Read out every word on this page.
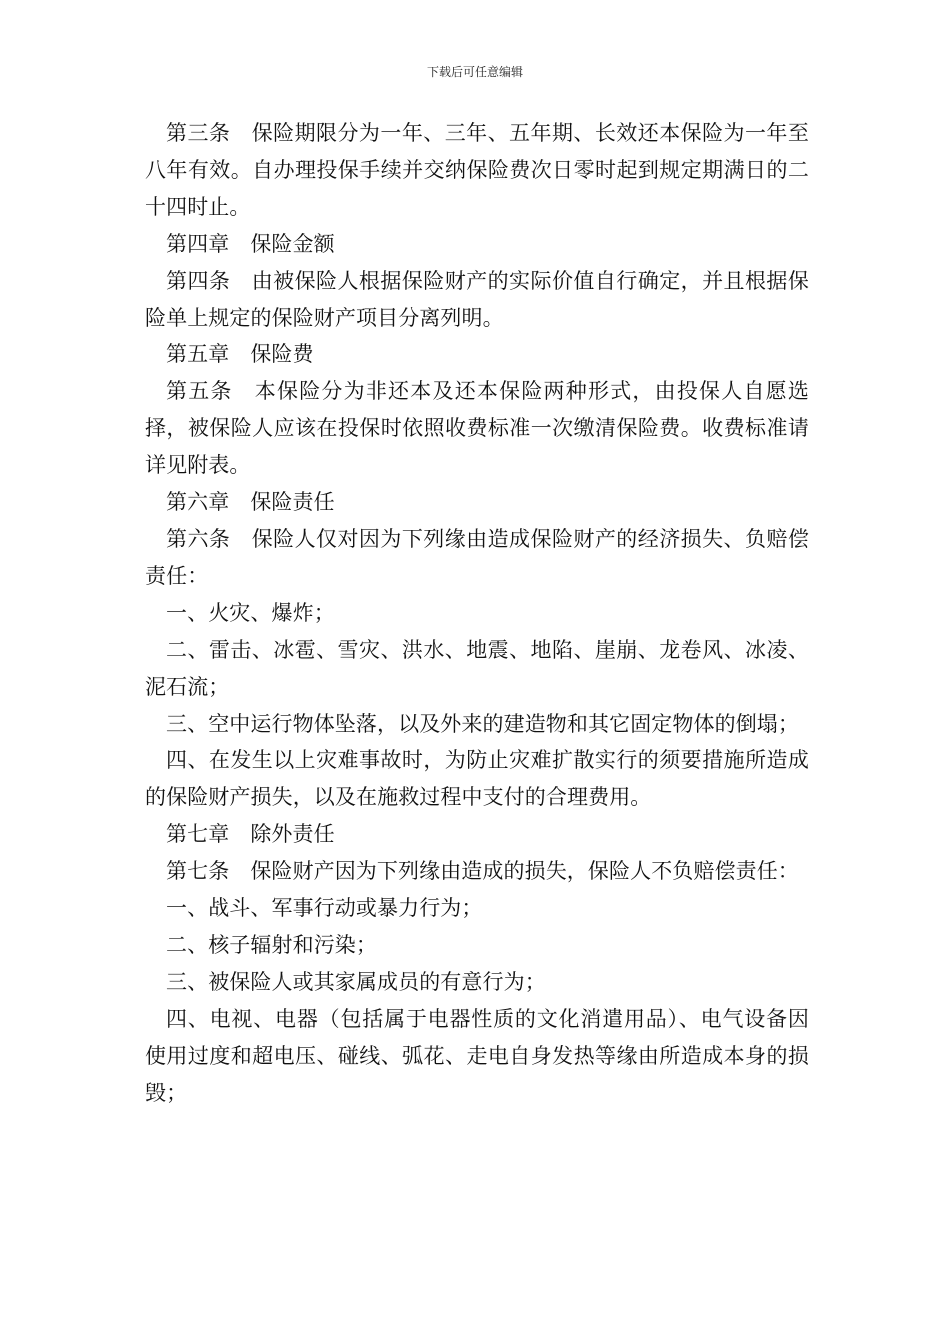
下载后可任意编辑

第三条 保险期限分为一年、三年、五年期、长效还本保险为一年至八年有效。自办理投保手续并交纳保险费次日零时起到规定期满日的二十四时止。

第四章 保险金额

第四条 由被保险人根据保险财产的实际价值自行确定，并且根据保险单上规定的保险财产项目分离列明。

第五章 保险费

第五条 本保险分为非还本及还本保险两种形式，由投保人自愿选择，被保险人应该在投保时依照收费标准一次缴清保险费。收费标准请详见附表。

第六章 保险责任

第六条 保险人仅对因为下列缘由造成保险财产的经济损失、负赔偿责任：

一、火灾、爆炸；

二、雷击、冰雹、雪灾、洪水、地震、地陷、崖崩、龙卷风、冰凌、泥石流；

三、空中运行物体坠落，以及外来的建造物和其它固定物体的倒塌；

四、在发生以上灾难事故时，为防止灾难扩散实行的须要措施所造成的保险财产损失，以及在施救过程中支付的合理费用。

第七章 除外责任

第七条 保险财产因为下列缘由造成的损失，保险人不负赔偿责任：

一、战斗、军事行动或暴力行为；

二、核子辐射和污染；

三、被保险人或其家属成员的有意行为；

四、电视、电器（包括属于电器性质的文化消遣用品）、电气设备因使用过度和超电压、碰线、弧花、走电自身发热等缘由所造成本身的损毁；
